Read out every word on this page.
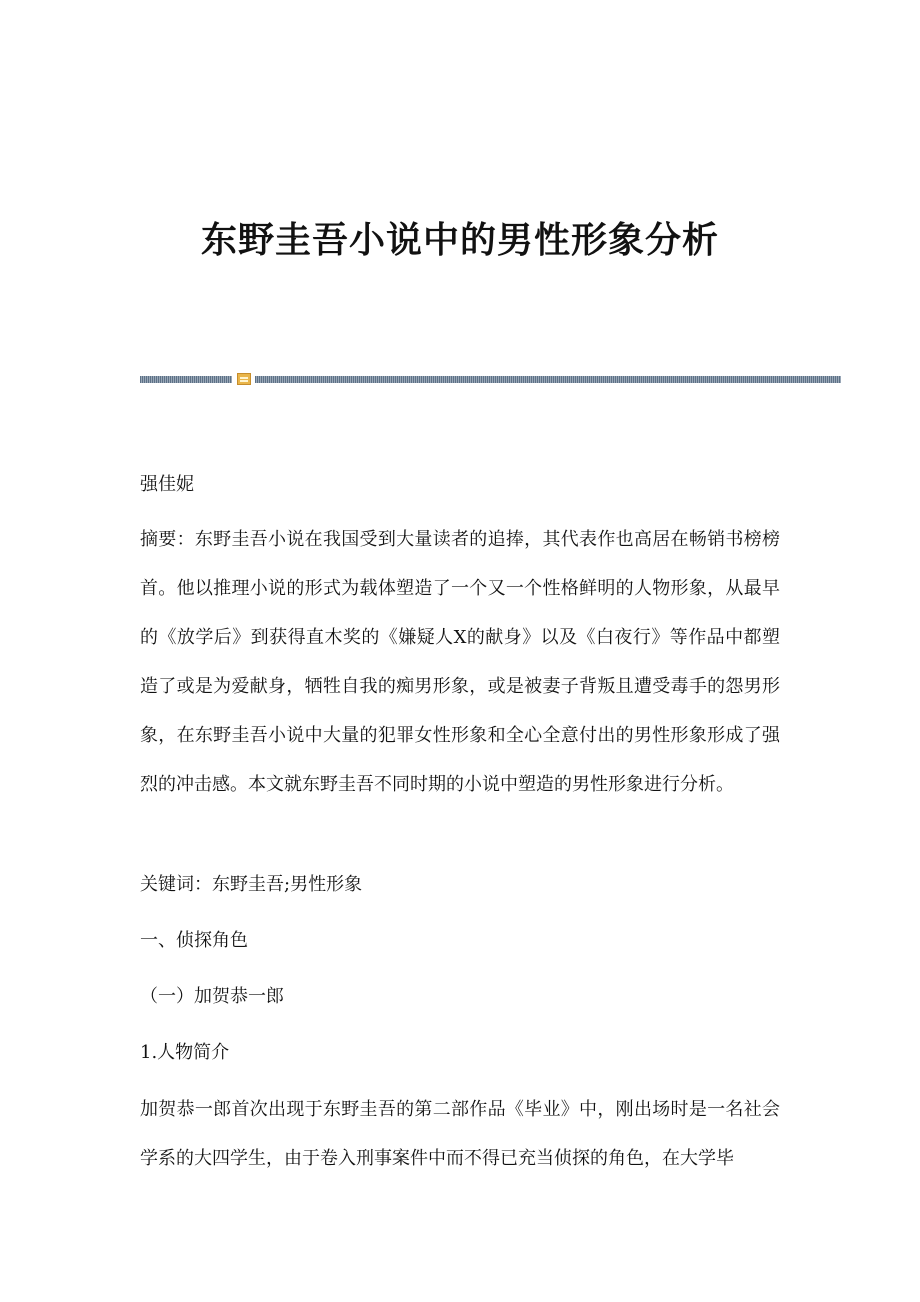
东野圭吾小说中的男性形象分析

强佳妮

摘要：东野圭吾小说在我国受到大量读者的追捧，其代表作也高居在畅销书榜榜首。他以推理小说的形式为载体塑造了一个又一个性格鲜明的人物形象，从最早的《放学后》到获得直木奖的《嫌疑人X的献身》以及《白夜行》等作品中都塑造了或是为爱献身，牺牲自我的痴男形象，或是被妻子背叛且遭受毒手的怨男形象，在东野圭吾小说中大量的犯罪女性形象和全心全意付出的男性形象形成了强烈的冲击感。本文就东野圭吾不同时期的小说中塑造的男性形象进行分析。

关键词：东野圭吾;男性形象

一、侦探角色

（一）加贺恭一郎

1.人物简介

加贺恭一郎首次出现于东野圭吾的第二部作品《毕业》中，刚出场时是一名社会学系的大四学生，由于卷入刑事案件中而不得已充当侦探的角色，在大学毕
